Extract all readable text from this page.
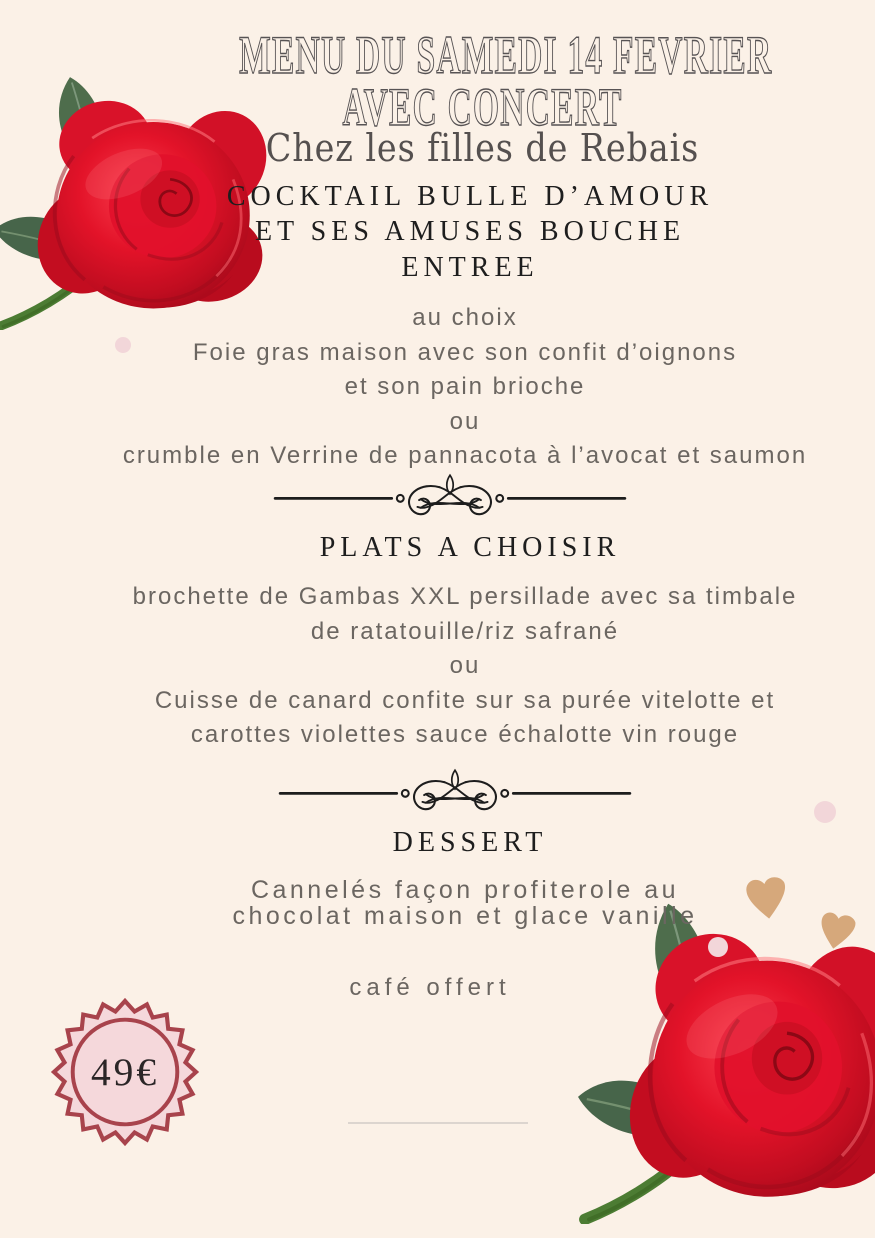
MENU DU SAMEDI 14 FEVRIER
AVEC CONCERT
Chez les filles de Rebais
COCKTAIL BULLE D’AMOUR
ET SES AMUSES BOUCHE
ENTREE
au choix
Foie gras maison avec son confit d’oignons
et son pain brioche
ou
crumble en Verrine de pannacota à l’avocat et saumon
PLATS A CHOISIR
brochette de Gambas XXL persillade avec sa timbale
de ratatouille/riz safrané
ou
Cuisse de canard confite sur sa purée vitelotte et
carottes violettes sauce échalotte vin rouge
DESSERT
Cannelés façon profiterole au
chocolat maison et glace vanille
café offert
49€
